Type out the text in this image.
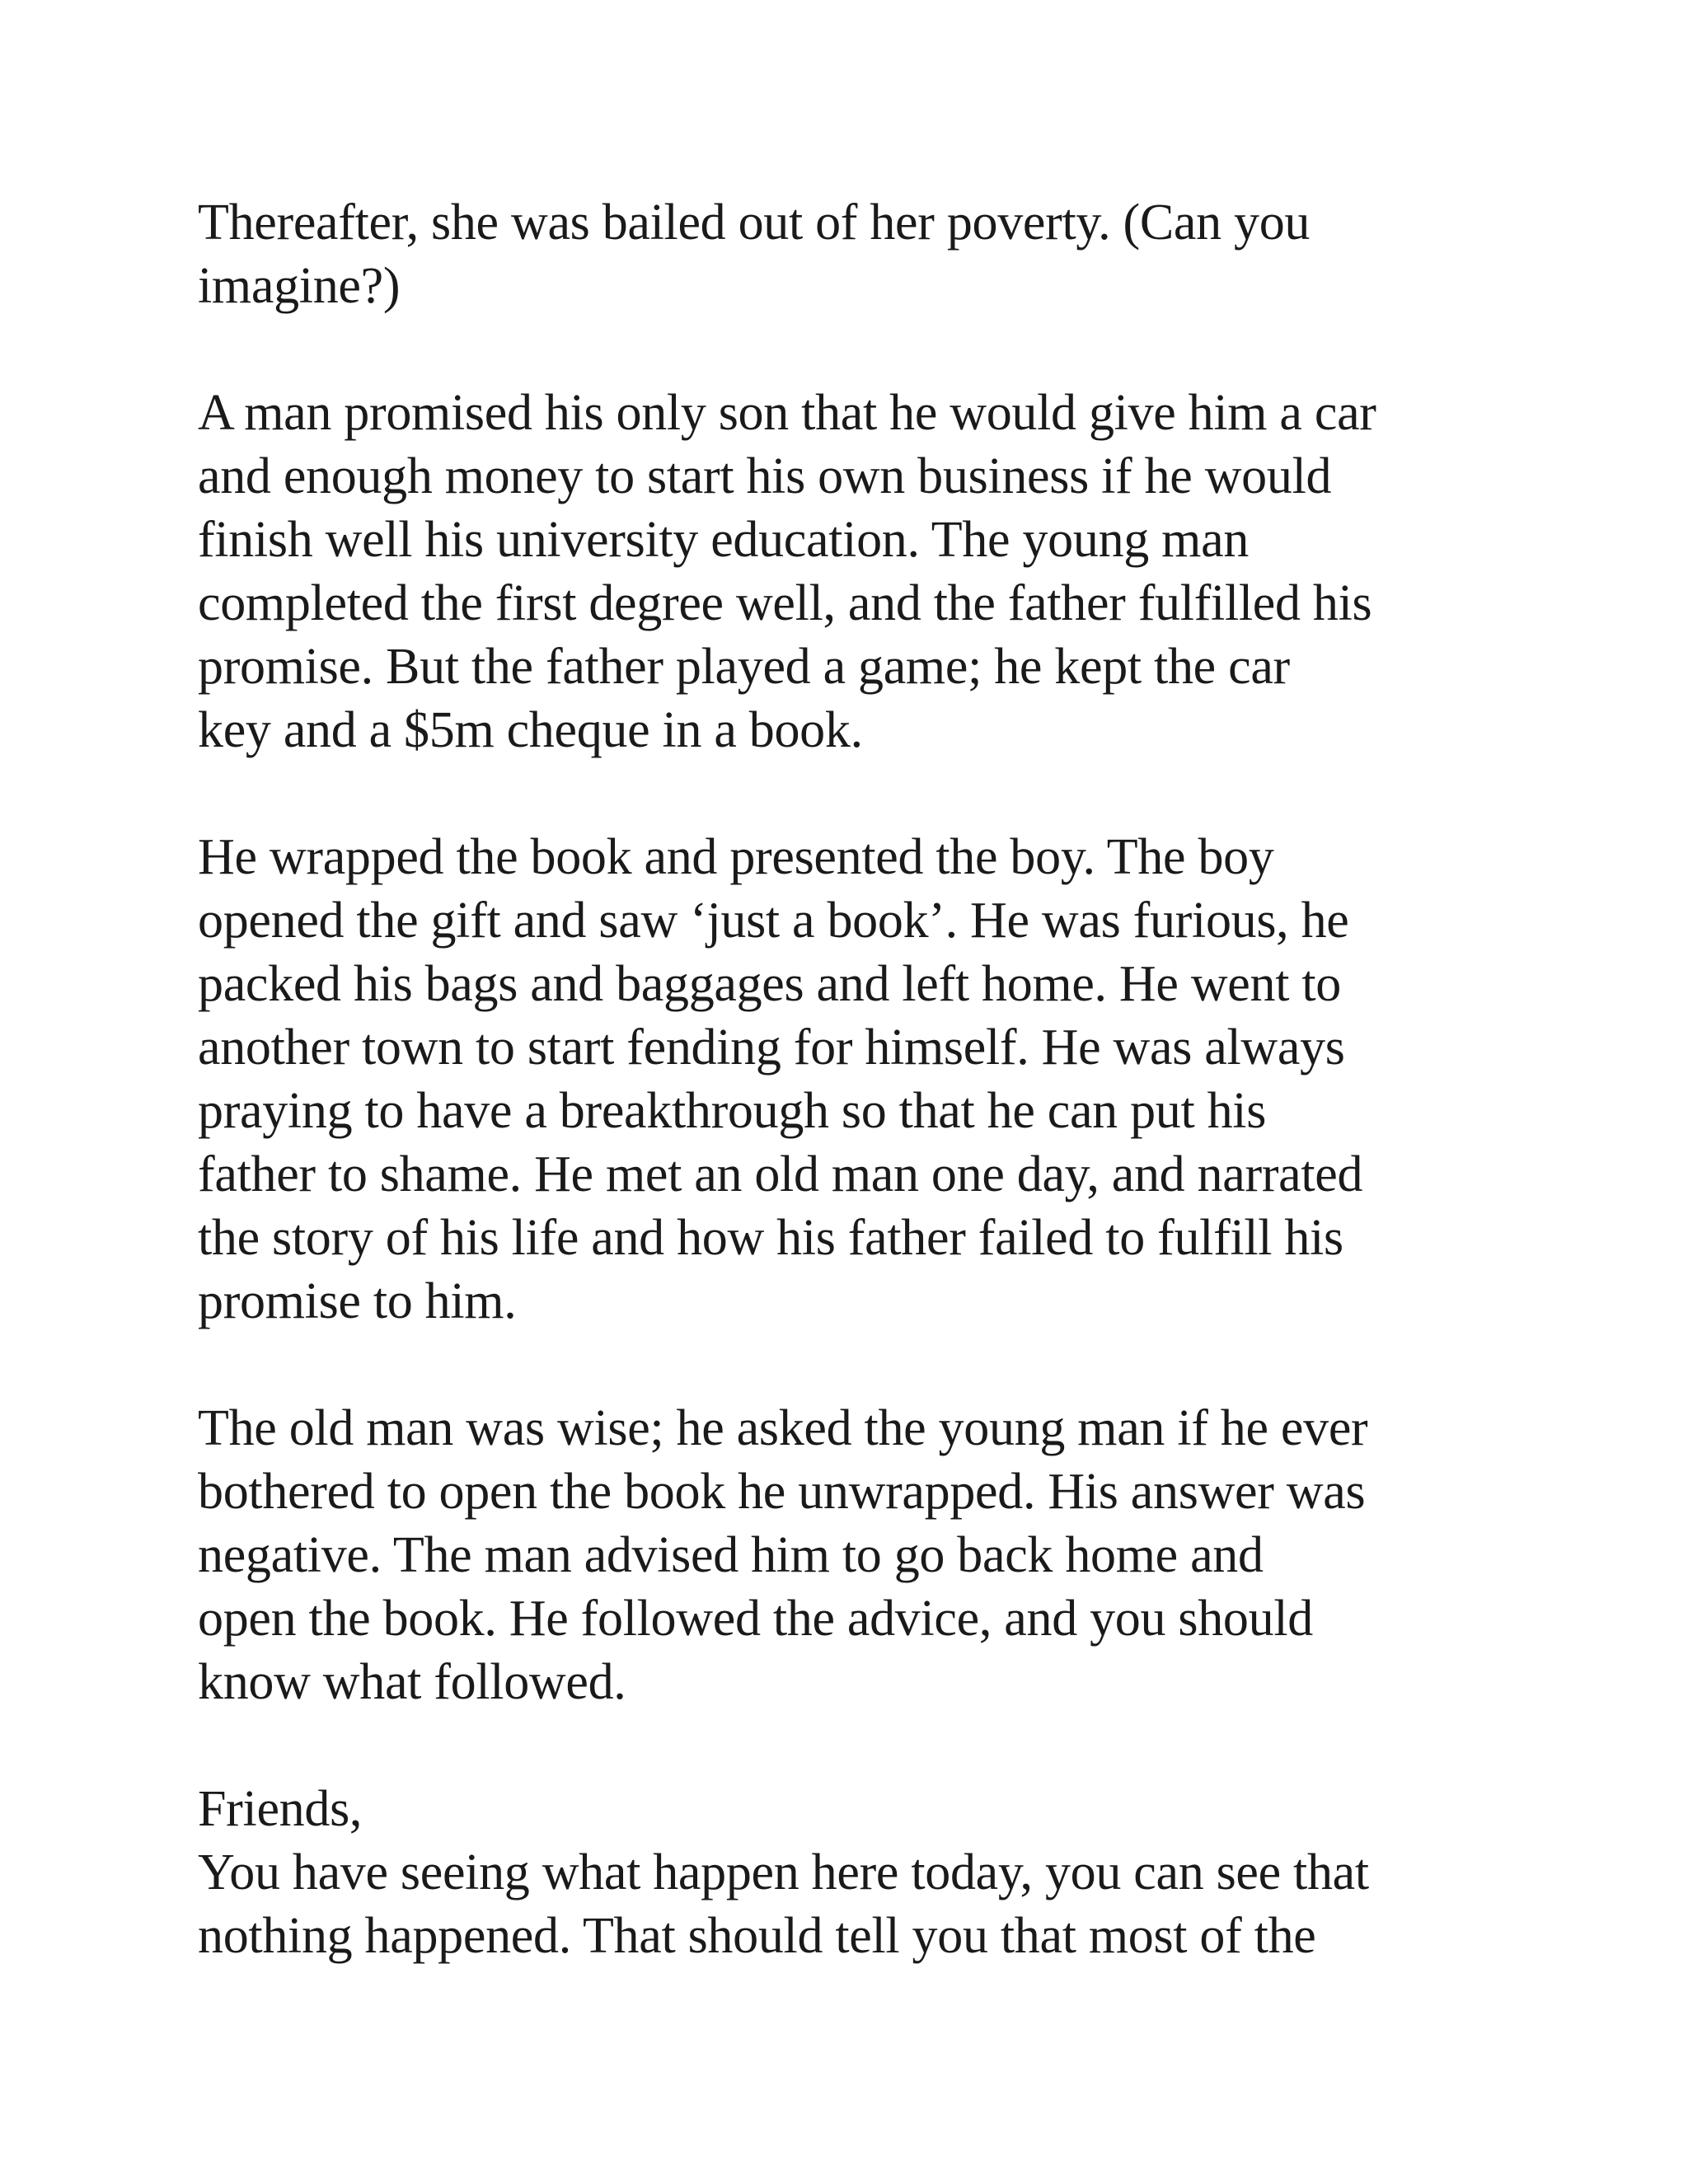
Thereafter, she was bailed out of her poverty. (Can you
imagine?)

A man promised his only son that he would give him a car
and enough money to start his own business if he would
finish well his university education. The young man
completed the first degree well, and the father fulfilled his
promise. But the father played a game; he kept the car
key and a $5m cheque in a book.

He wrapped the book and presented the boy. The boy
opened the gift and saw ‘just a book’. He was furious, he
packed his bags and baggages and left home. He went to
another town to start fending for himself. He was always
praying to have a breakthrough so that he can put his
father to shame. He met an old man one day, and narrated
the story of his life and how his father failed to fulfill his
promise to him.

The old man was wise; he asked the young man if he ever
bothered to open the book he unwrapped. His answer was
negative. The man advised him to go back home and
open the book. He followed the advice, and you should
know what followed.

Friends,

You have seeing what happen here today, you can see that
nothing happened. That should tell you that most of the
